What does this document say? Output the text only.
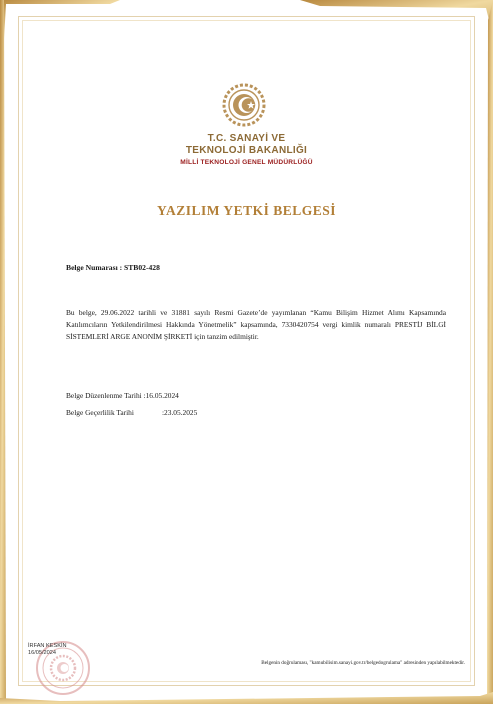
T.C. SANAYİ VE
TEKNOLOJİ BAKANLIĞI
MİLLİ TEKNOLOJİ GENEL MÜDÜRLÜĞÜ
YAZILIM YETKİ BELGESİ
Belge Numarası : STB02-428
Bu belge, 29.06.2022 tarihli ve 31881 sayılı Resmi Gazete’de yayımlanan “Kamu Bilişim Hizmet Alımı Kapsamında Katılımcıların Yetkilendirilmesi Hakkında Yönetmelik” kapsamında, 7330420754 vergi kimlik numaralı PRESTİJ BİLGİ SİSTEMLERİ ARGE ANONİM ŞİRKETİ için tanzim edilmiştir.
Belge Düzenlenme Tarihi :16.05.2024
Belge Geçerlilik Tarihi	:23.05.2025
İRFAN KESKİN
16/05/2024
Belgenin doğrulaması, "kamubilisim.sanayi.gov.tr/belgedogrulama" adresinden yapılabilmektedir.
